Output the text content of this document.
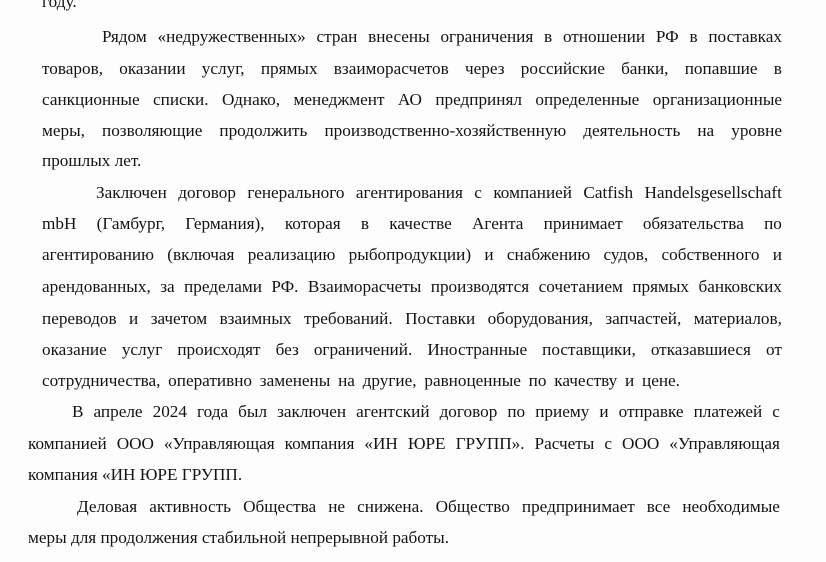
году.
Рядом «недружественных» стран внесены ограничения в отношении РФ в поставках
товаров, оказании услуг, прямых взаиморасчетов через российские банки, попавшие в
санкционные списки. Однако, менеджмент АО предпринял определенные организационные
меры, позволяющие продолжить производственно-хозяйственную деятельность на уровне
прошлых лет.
Заключен договор генерального агентирования с компанией Catfish Handelsgesellschaft
mbH (Гамбург, Германия), которая в качестве Агента принимает обязательства по
агентированию (включая реализацию рыбопродукции) и снабжению судов, собственного и
арендованных, за пределами РФ. Взаиморасчеты производятся сочетанием прямых банковских
переводов и зачетом взаимных требований. Поставки оборудования, запчастей, материалов,
оказание услуг происходят без ограничений. Иностранные поставщики, отказавшиеся от
сотрудничества, оперативно заменены на другие, равноценные по качеству и цене.
В апреле 2024 года был заключен агентский договор по приему и отправке платежей с
компанией ООО «Управляющая компания «ИН ЮРЕ ГРУПП». Расчеты с ООО «Управляющая
компания «ИН ЮРЕ ГРУПП.
Деловая активность Общества не снижена. Общество предпринимает все необходимые
меры для продолжения стабильной непрерывной работы.
